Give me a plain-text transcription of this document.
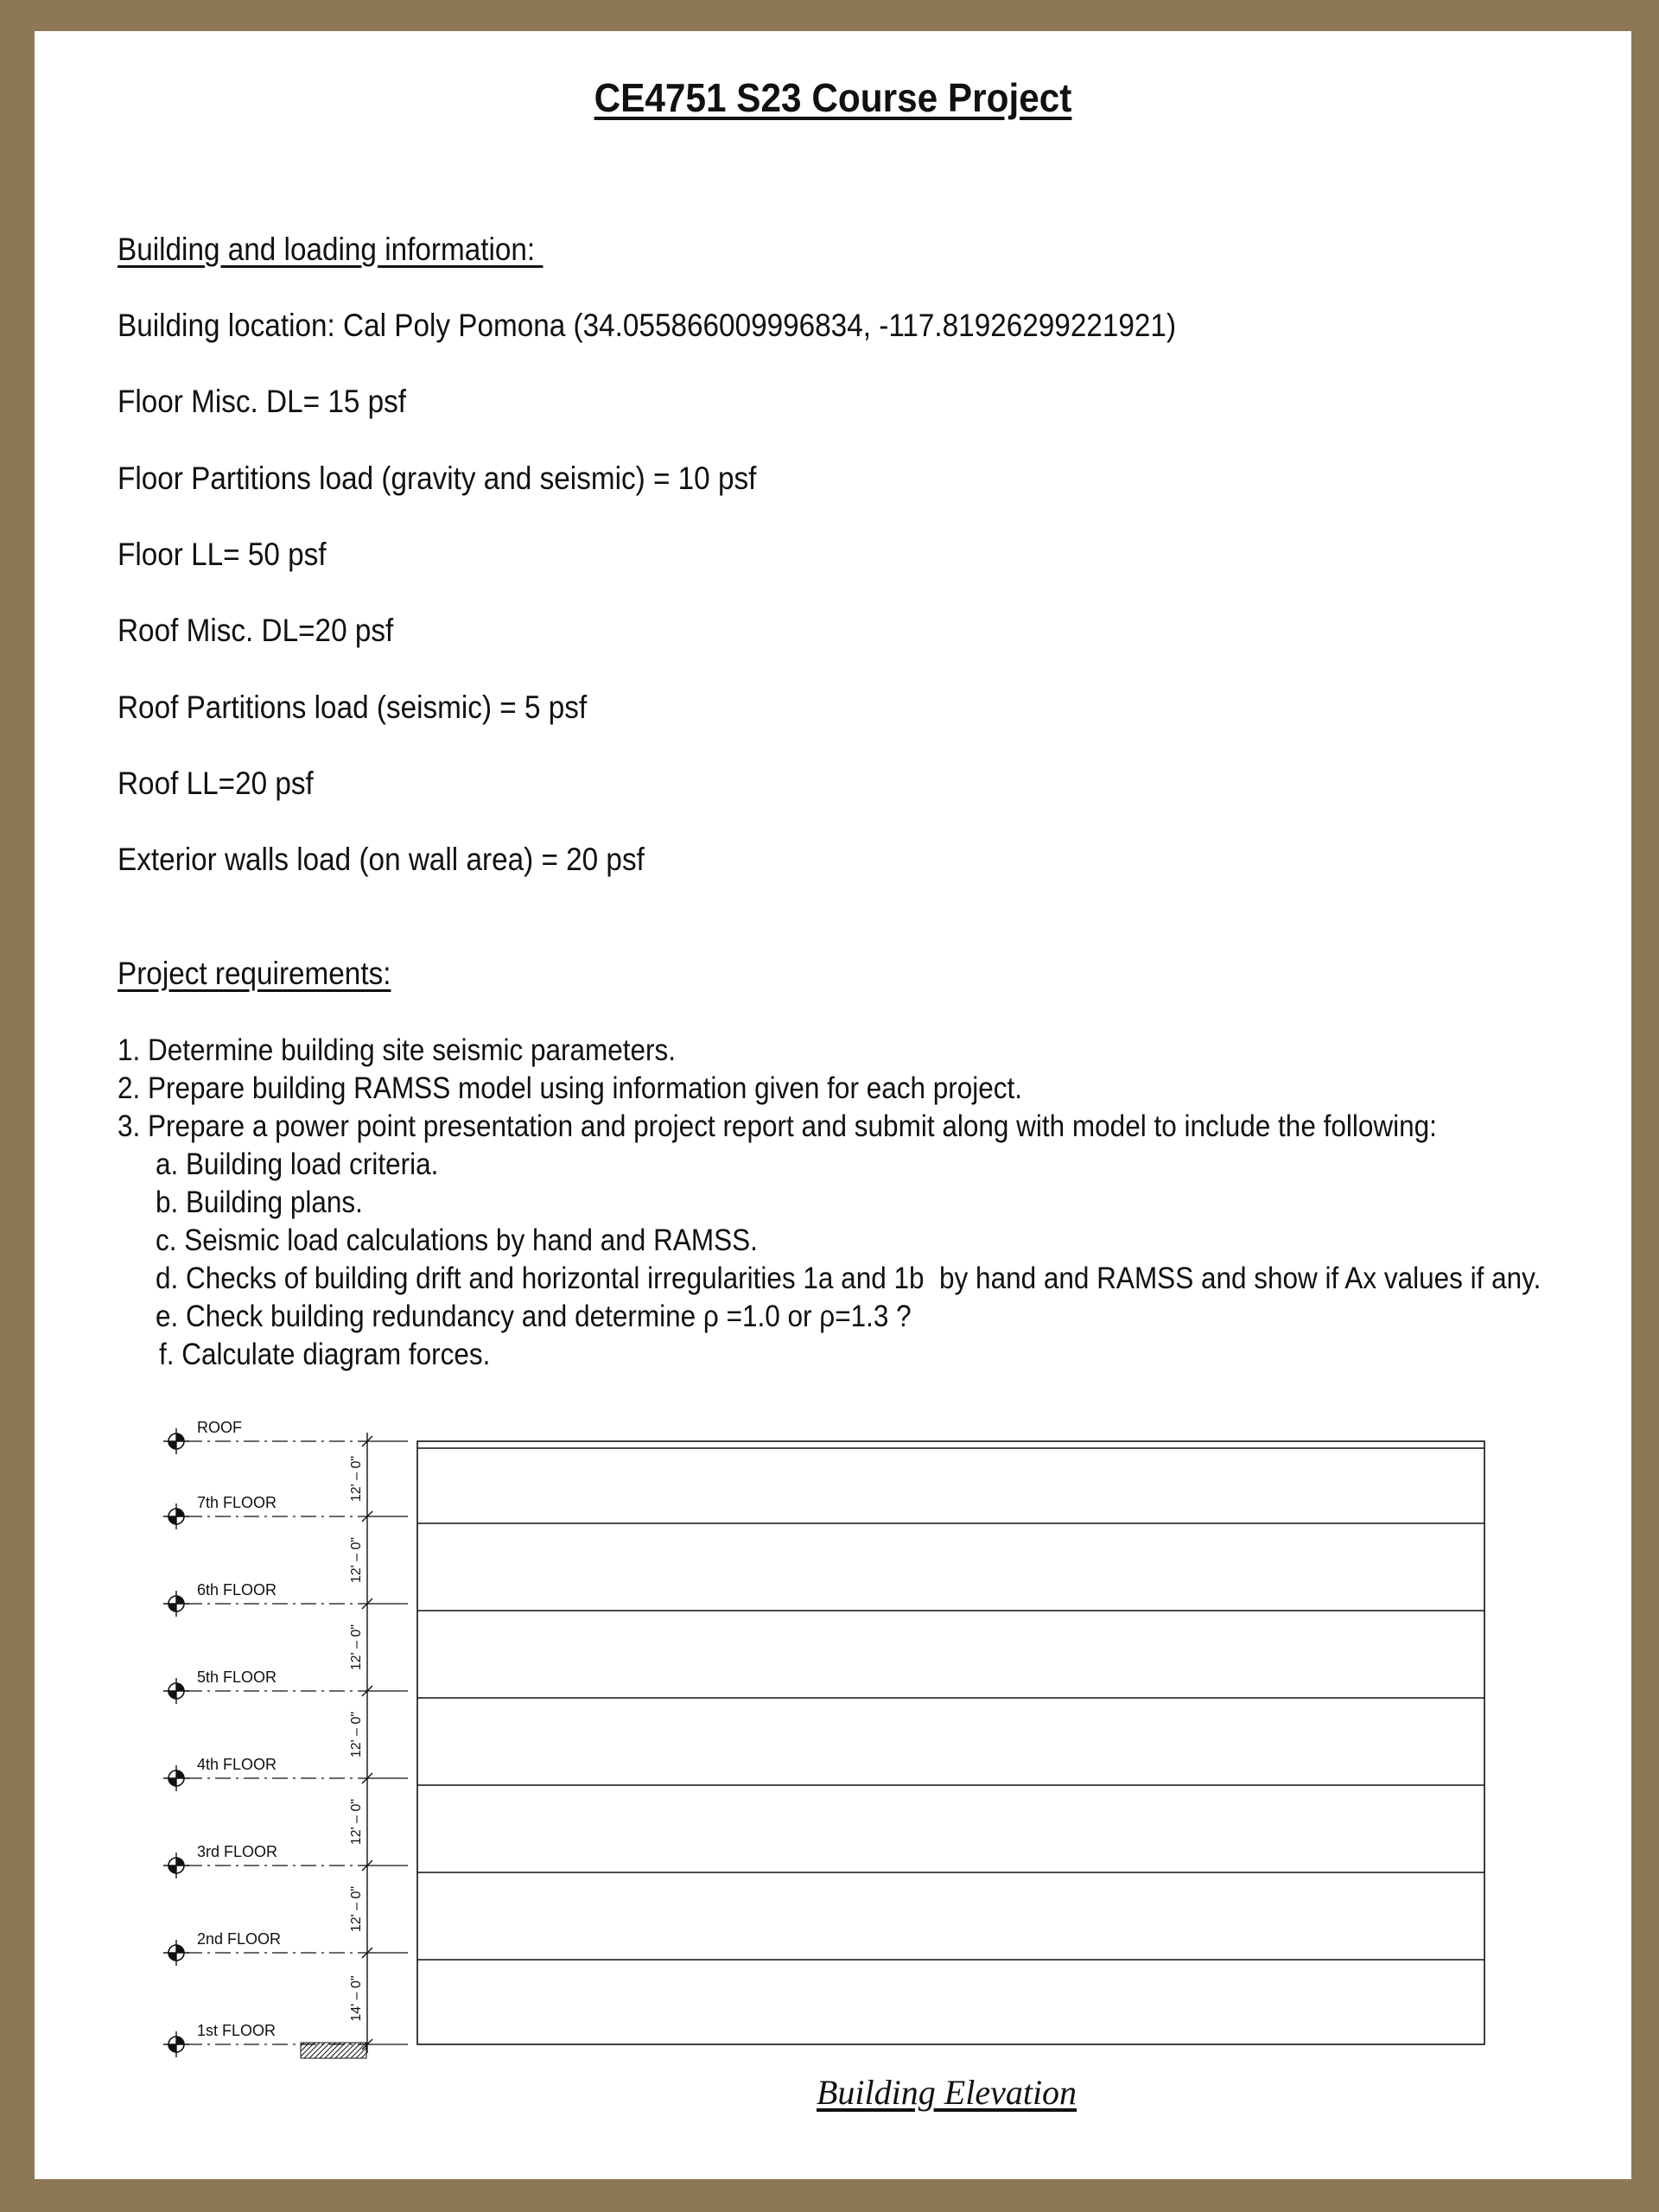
CE4751 S23 Course Project
Building and loading information:
Building location: Cal Poly Pomona (34.055866009996834, -117.81926299221921)
Floor Misc. DL= 15 psf
Floor Partitions load (gravity and seismic) = 10 psf
Floor LL= 50 psf
Roof Misc. DL=20 psf
Roof Partitions load (seismic) = 5 psf
Roof LL=20 psf
Exterior walls load (on wall area) = 20 psf
Project requirements:
1. Determine building site seismic parameters.
2. Prepare building RAMSS model using information given for each project.
3. Prepare a power point presentation and project report and submit along with model to include the following:
a. Building load criteria.
b. Building plans.
c. Seismic load calculations by hand and RAMSS.
d. Checks of building drift and horizontal irregularities 1a and 1b  by hand and RAMSS and show if Ax values if any.
e. Check building redundancy and determine ρ =1.0 or ρ=1.3 ?
f. Calculate diagram forces.
ROOF
7th FLOOR
6th FLOOR
5th FLOOR
4th FLOOR
3rd FLOOR
2nd FLOOR
1st FLOOR
12' – 0"
12' – 0"
12' – 0"
12' – 0"
12' – 0"
12' – 0"
14' – 0"
Building Elevation
